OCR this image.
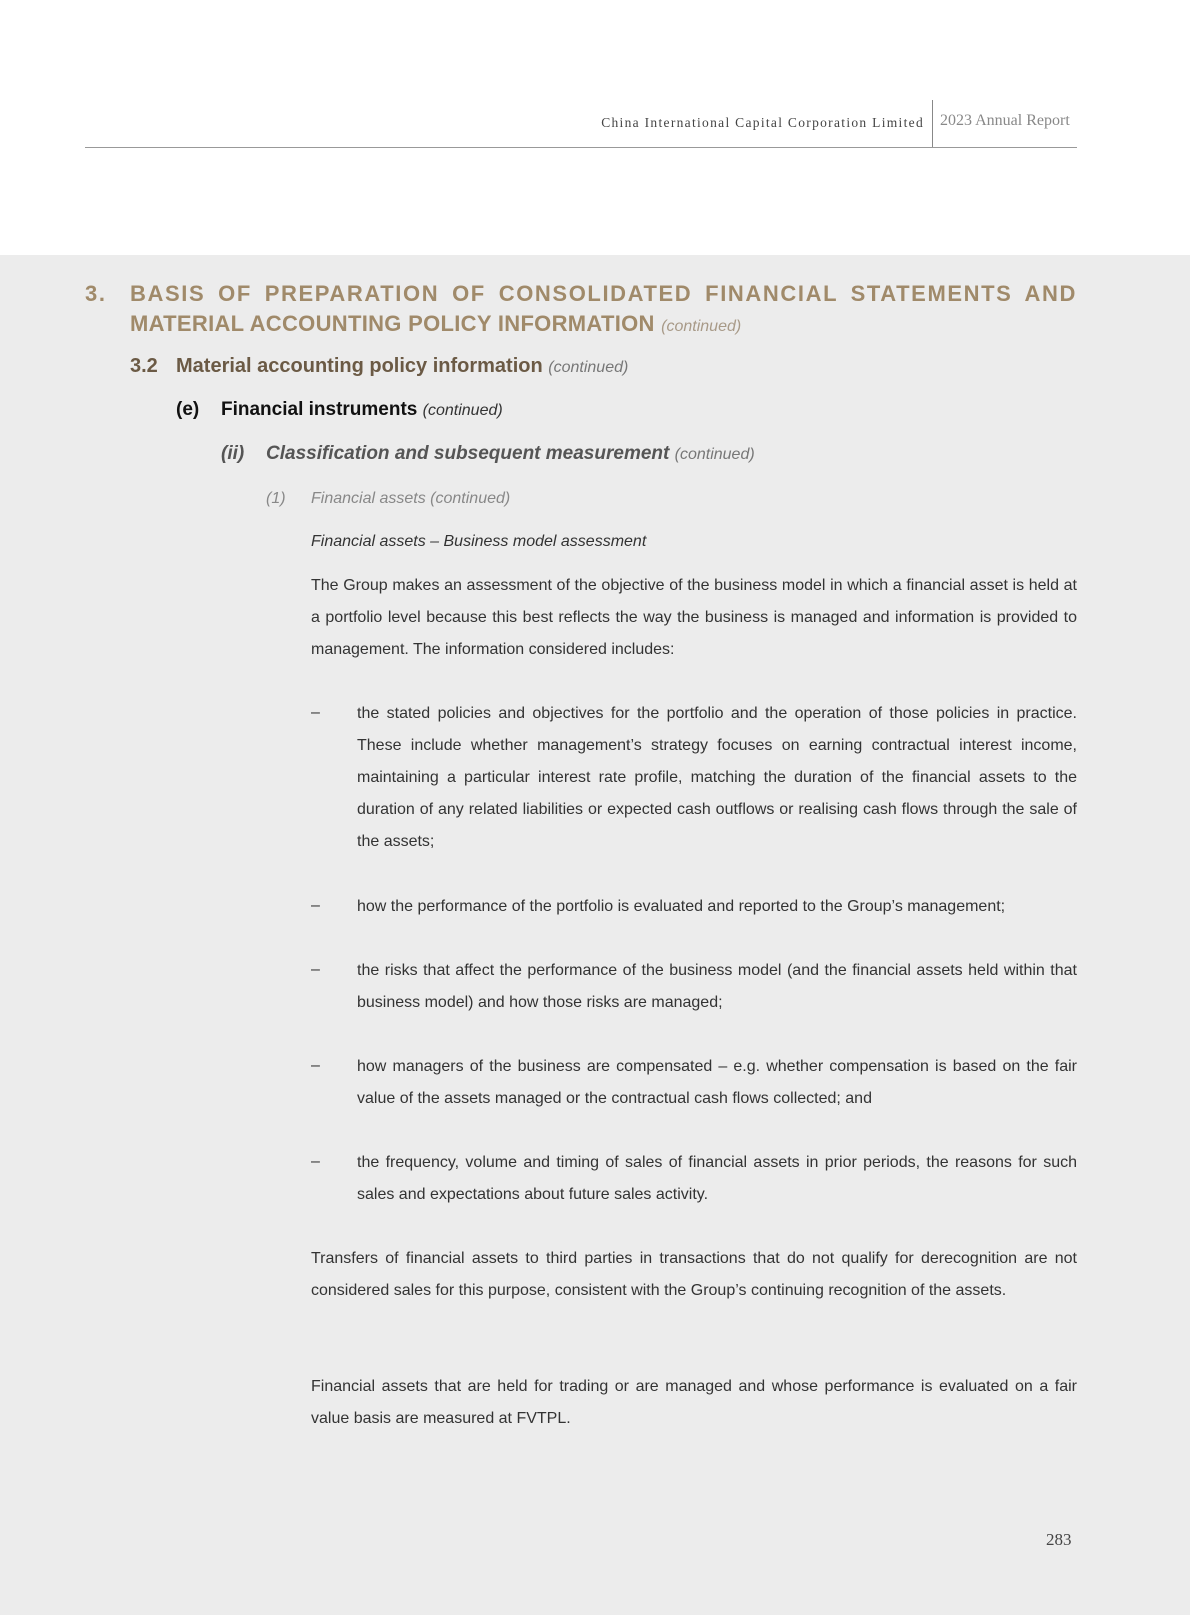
China International Capital Corporation Limited 2023 Annual Report
3. BASIS OF PREPARATION OF CONSOLIDATED FINANCIAL STATEMENTS AND
MATERIAL ACCOUNTING POLICY INFORMATION (continued)
3.2 Material accounting policy information (continued)
(e) Financial instruments (continued)
(ii) Classification and subsequent measurement (continued)
(1) Financial assets (continued)
Financial assets – Business model assessment
The Group makes an assessment of the objective of the business model in which a financial asset is held at a portfolio level because this best reflects the way the business is managed and information is provided to management. The information considered includes:
– the stated policies and objectives for the portfolio and the operation of those policies in practice. These include whether management’s strategy focuses on earning contractual interest income, maintaining a particular interest rate profile, matching the duration of the financial assets to the duration of any related liabilities or expected cash outflows or realising cash flows through the sale of the assets;
– how the performance of the portfolio is evaluated and reported to the Group’s management;
– the risks that affect the performance of the business model (and the financial assets held within that business model) and how those risks are managed;
– how managers of the business are compensated – e.g. whether compensation is based on the fair value of the assets managed or the contractual cash flows collected; and
– the frequency, volume and timing of sales of financial assets in prior periods, the reasons for such sales and expectations about future sales activity.
Transfers of financial assets to third parties in transactions that do not qualify for derecognition are not considered sales for this purpose, consistent with the Group’s continuing recognition of the assets.
Financial assets that are held for trading or are managed and whose performance is evaluated on a fair value basis are measured at FVTPL.
283
